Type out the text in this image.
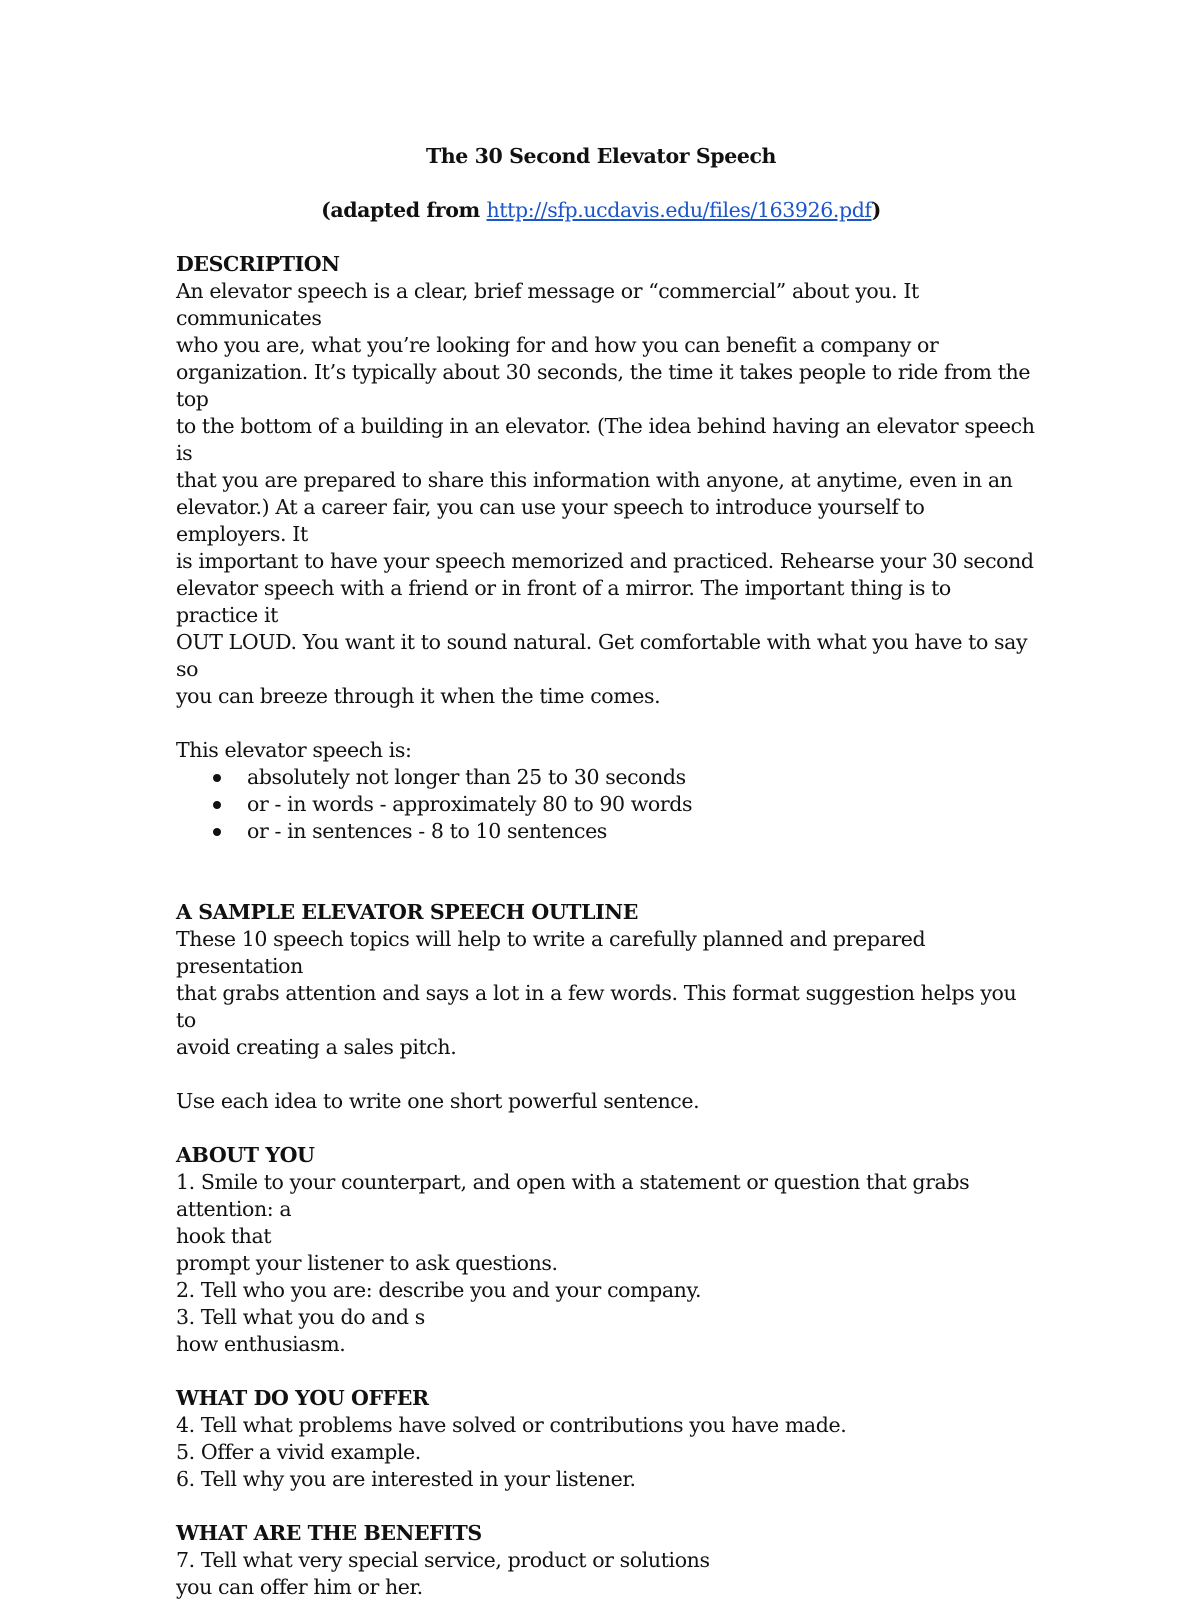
The 30 Second Elevator Speech

(adapted from http://sfp.ucdavis.edu/files/163926.pdf)

DESCRIPTION

An elevator speech is a clear, brief message or “commercial” about you. It communicates

who you are, what you’re looking for and how you can benefit a company or

organization. It’s typically about 30 seconds, the time it takes people to ride from the top

to the bottom of a building in an elevator. (The idea behind having an elevator speech is

that you are prepared to share this information with anyone, at anytime, even in an

elevator.) At a career fair, you can use your speech to introduce yourself to employers. It

is important to have your speech memorized and practiced. Rehearse your 30 second

elevator speech with a friend or in front of a mirror. The important thing is to practice it

OUT LOUD. You want it to sound natural. Get comfortable with what you have to say so

you can breeze through it when the time comes.

This elevator speech is:

absolutely not longer than 25 to 30 seconds
or - in words - approximately 80 to 90 words
or - in sentences - 8 to 10 sentences

A SAMPLE ELEVATOR SPEECH OUTLINE

These 10 speech topics will help to write a carefully planned and prepared presentation

that grabs attention and says a lot in a few words. This format suggestion helps you to

avoid creating a sales pitch.

Use each idea to write one short powerful sentence.

ABOUT YOU

1. Smile to your counterpart, and open with a statement or question that grabs attention: a

hook that

prompt your listener to ask questions.

2. Tell who you are: describe you and your company.

3. Tell what you do and s

how enthusiasm.

WHAT DO YOU OFFER

4. Tell what problems have solved or contributions you have made.

5. Offer a vivid example.

6. Tell why you are interested in your listener.

WHAT ARE THE BENEFITS

7. Tell what very special service, product or solutions

you can offer him or her.
